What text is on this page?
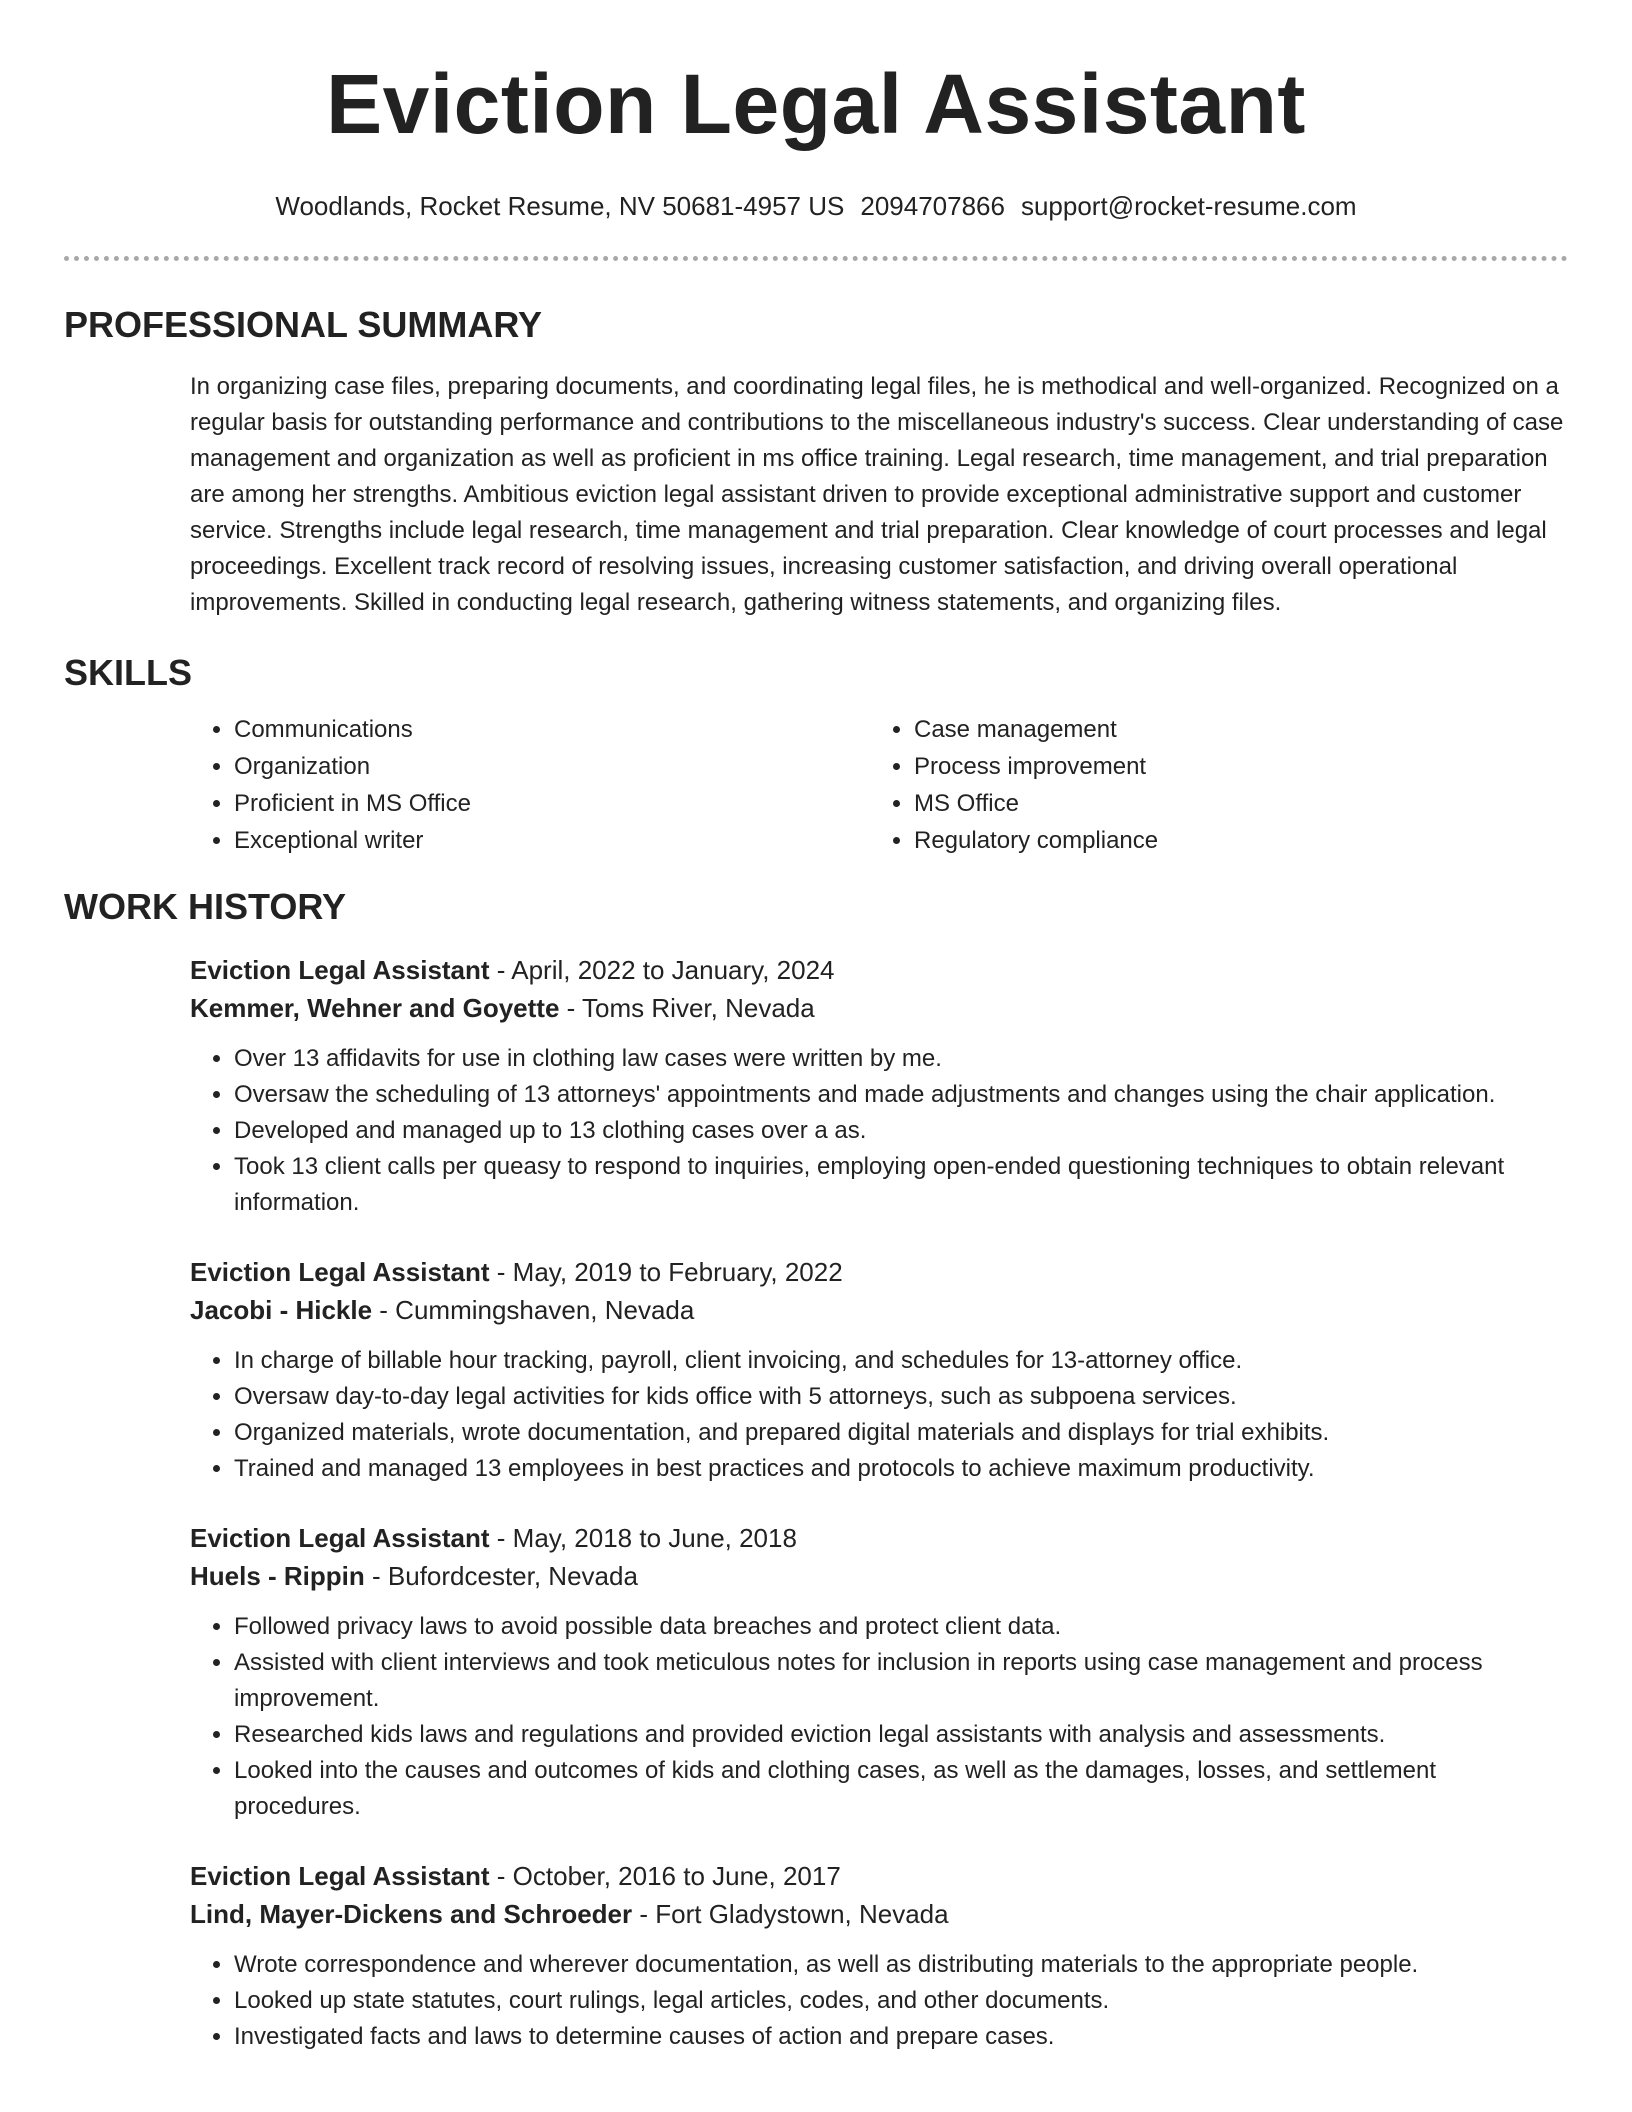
Eviction Legal Assistant
Woodlands, Rocket Resume, NV 50681-4957 US 2094707866 support@rocket-resume.com
PROFESSIONAL SUMMARY
In organizing case files, preparing documents, and coordinating legal files, he is methodical and well-organized. Recognized on a regular basis for outstanding performance and contributions to the miscellaneous industry's success. Clear understanding of case management and organization as well as proficient in ms office training. Legal research, time management, and trial preparation are among her strengths. Ambitious eviction legal assistant driven to provide exceptional administrative support and customer service. Strengths include legal research, time management and trial preparation. Clear knowledge of court processes and legal proceedings. Excellent track record of resolving issues, increasing customer satisfaction, and driving overall operational improvements. Skilled in conducting legal research, gathering witness statements, and organizing files.
SKILLS
• Communications
• Organization
• Proficient in MS Office
• Exceptional writer
• Case management
• Process improvement
• MS Office
• Regulatory compliance
WORK HISTORY
Eviction Legal Assistant - April, 2022 to January, 2024
Kemmer, Wehner and Goyette - Toms River, Nevada
• Over 13 affidavits for use in clothing law cases were written by me.
• Oversaw the scheduling of 13 attorneys' appointments and made adjustments and changes using the chair application.
• Developed and managed up to 13 clothing cases over a as.
• Took 13 client calls per queasy to respond to inquiries, employing open-ended questioning techniques to obtain relevant information.
Eviction Legal Assistant - May, 2019 to February, 2022
Jacobi - Hickle - Cummingshaven, Nevada
• In charge of billable hour tracking, payroll, client invoicing, and schedules for 13-attorney office.
• Oversaw day-to-day legal activities for kids office with 5 attorneys, such as subpoena services.
• Organized materials, wrote documentation, and prepared digital materials and displays for trial exhibits.
• Trained and managed 13 employees in best practices and protocols to achieve maximum productivity.
Eviction Legal Assistant - May, 2018 to June, 2018
Huels - Rippin - Bufordcester, Nevada
• Followed privacy laws to avoid possible data breaches and protect client data.
• Assisted with client interviews and took meticulous notes for inclusion in reports using case management and process improvement.
• Researched kids laws and regulations and provided eviction legal assistants with analysis and assessments.
• Looked into the causes and outcomes of kids and clothing cases, as well as the damages, losses, and settlement procedures.
Eviction Legal Assistant - October, 2016 to June, 2017
Lind, Mayer-Dickens and Schroeder - Fort Gladystown, Nevada
• Wrote correspondence and wherever documentation, as well as distributing materials to the appropriate people.
• Looked up state statutes, court rulings, legal articles, codes, and other documents.
• Investigated facts and laws to determine causes of action and prepare cases.
